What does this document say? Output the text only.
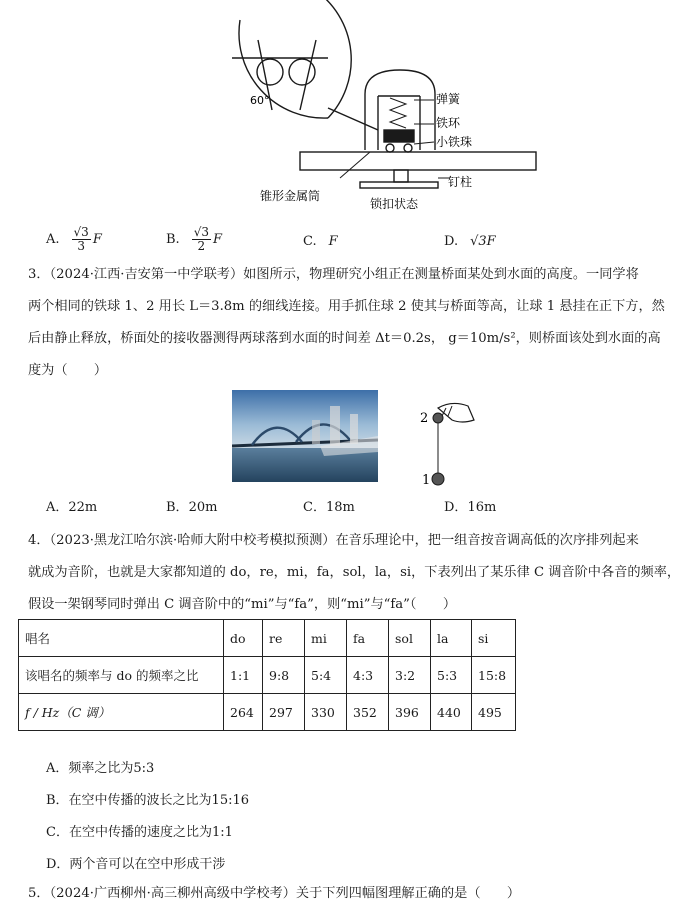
60°	弹簧
铁环
小铁珠
钉柱
锥形金属筒
锁扣状态
A. $\frac{√3}{3}$ F	B. $\frac{√3}{2}$ F	C. F	D. √3F
3．（2024·江西·吉安第一中学联考）如图所示，物理研究小组正在测量桥面某处到水面的高度。一同学将
两个相同的铁球 1、2 用长 L＝3.8m 的细线连接。用手抓住球 2 使其与桥面等高，让球 1 悬挂在正下方，然
后由静止释放，桥面处的接收器测得两球落到水面的时间差 Δt＝0.2s， g＝10m/s²，则桥面该处到水面的高
度为（　　）
2
1
A．22m	B．20m	C．18m	D．16m
4．（2023·黑龙江哈尔滨·哈师大附中校考模拟预测）在音乐理论中，把一组音按音调高低的次序排列起来
就成为音阶，也就是大家都知道的 do，re，mi，fa，sol，la，si，下表列出了某乐律 C 调音阶中各音的频率，
假设一架钢琴同时弹出 C 调音阶中的“mi”与“fa”，则“mi”与“fa”（　　）
唱名	do	re	mi	fa	sol	la	si
该唱名的频率与 do 的频率之比	1:1	9:8	5:4	4:3	3:2	5:3	15:8
f / Hz（C 调）	264	297	330	352	396	440	495
A．频率之比为5:3
B．在空中传播的波长之比为15:16
C．在空中传播的速度之比为1:1
D．两个音可以在空中形成干涉
5．（2024·广西柳州·高三柳州高级中学校考）关于下列四幅图理解正确的是（　　）
